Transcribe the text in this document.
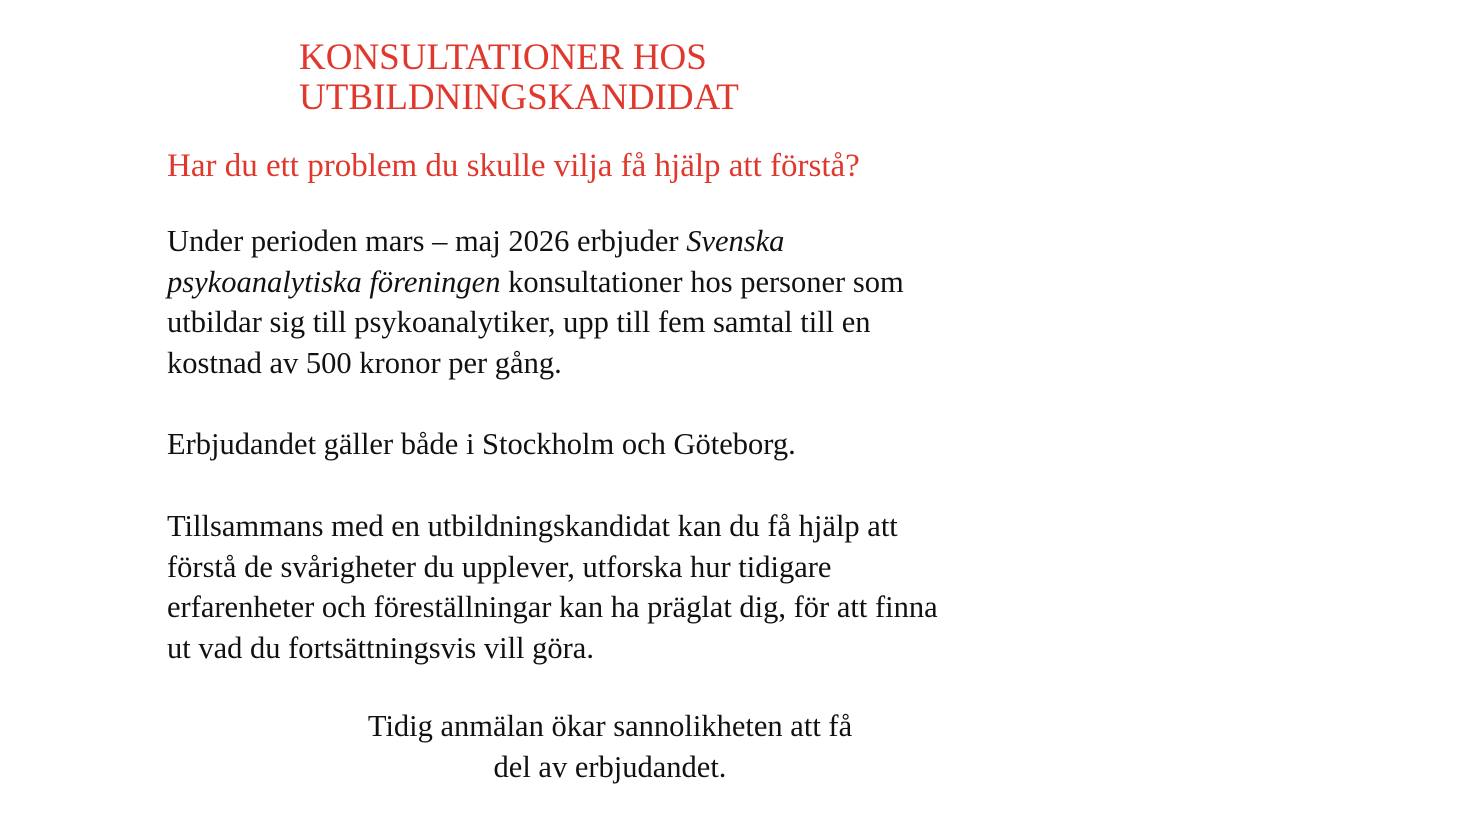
KONSULTATIONER HOS
UTBILDNINGSKANDIDAT
Har du ett problem du skulle vilja få hjälp att förstå?

Under perioden mars – maj 2026 erbjuder Svenska
psykoanalytiska föreningen konsultationer hos personer som
utbildar sig till psykoanalytiker, upp till fem samtal till en
kostnad av 500 kronor per gång.

Erbjudandet gäller både i Stockholm och Göteborg.

Tillsammans med en utbildningskandidat kan du få hjälp att
förstå de svårigheter du upplever, utforska hur tidigare
erfarenheter och föreställningar kan ha präglat dig, för att finna
ut vad du fortsättningsvis vill göra.

Tidig anmälan ökar sannolikheten att få
del av erbjudandet.
